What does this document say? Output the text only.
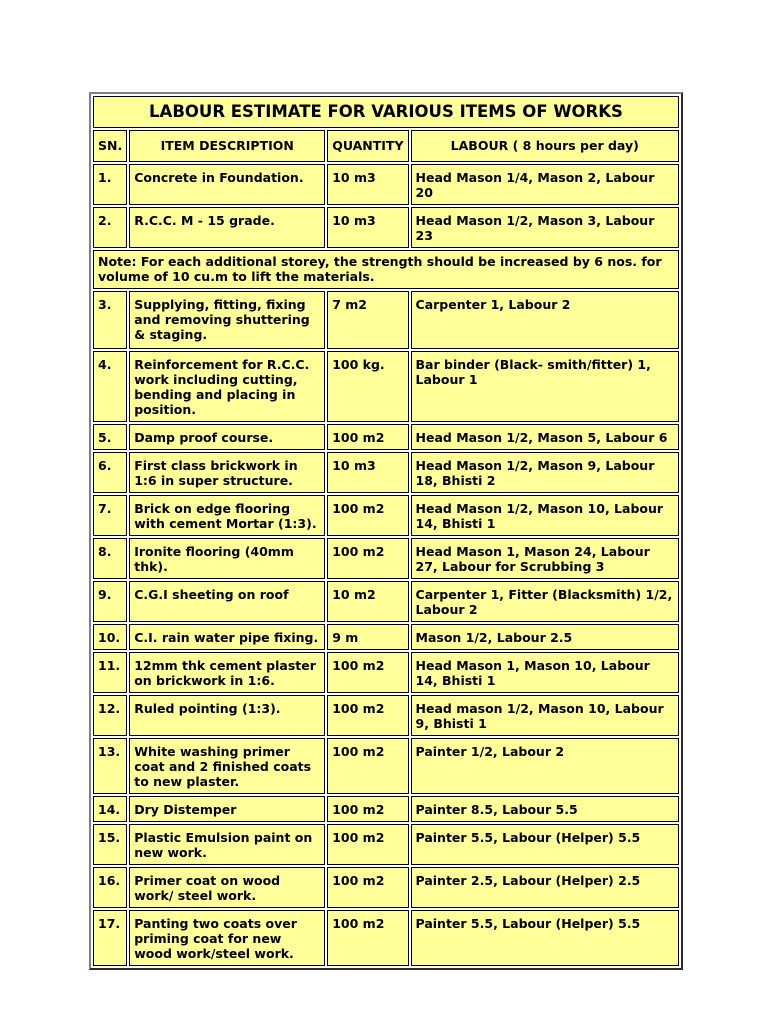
LABOUR ESTIMATE FOR VARIOUS ITEMS OF WORKS			
SN.	ITEM DESCRIPTION	QUANTITY	LABOUR ( 8 hours per day)
1.	Concrete in Foundation.	10 m3	Head Mason 1/4, Mason 2, Labour 20
2.	R.C.C. M - 15 grade.	10 m3	Head Mason 1/2, Mason 3, Labour 23
Note: For each additional storey, the strength should be increased by 6 nos. for volume of 10 cu.m to lift the materials.			
3.	Supplying, fitting, fixing and removing shuttering & staging.	7 m2	Carpenter 1, Labour 2
4.	Reinforcement for R.C.C. work including cutting, bending and placing in position.	100 kg.	Bar binder (Black- smith/fitter) 1, Labour 1
5.	Damp proof course.	100 m2	Head Mason 1/2, Mason 5, Labour 6
6.	First class brickwork in 1:6 in super structure.	10 m3	Head Mason 1/2, Mason 9, Labour 18, Bhisti 2
7.	Brick on edge flooring with cement Mortar (1:3).	100 m2	Head Mason 1/2, Mason 10, Labour 14, Bhisti 1
8.	Ironite flooring (40mm thk).	100 m2	Head Mason 1, Mason 24, Labour 27, Labour for Scrubbing 3
9.	C.G.I sheeting on roof	10 m2	Carpenter 1, Fitter (Blacksmith) 1/2, Labour 2
10.	C.I. rain water pipe fixing.	9 m	Mason 1/2, Labour 2.5
11.	12mm thk cement plaster on brickwork in 1:6.	100 m2	Head Mason 1, Mason 10, Labour 14, Bhisti 1
12.	Ruled pointing (1:3).	100 m2	Head mason 1/2, Mason 10, Labour 9, Bhisti 1
13.	White washing primer coat and 2 finished coats to new plaster.	100 m2	Painter 1/2, Labour 2
14.	Dry Distemper	100 m2	Painter 8.5, Labour 5.5
15.	Plastic Emulsion paint on new work.	100 m2	Painter 5.5, Labour (Helper) 5.5
16.	Primer coat on wood work/ steel work.	100 m2	Painter 2.5, Labour (Helper) 2.5
17.	Panting two coats over priming coat for new wood work/steel work.	100 m2	Painter 5.5, Labour (Helper) 5.5
